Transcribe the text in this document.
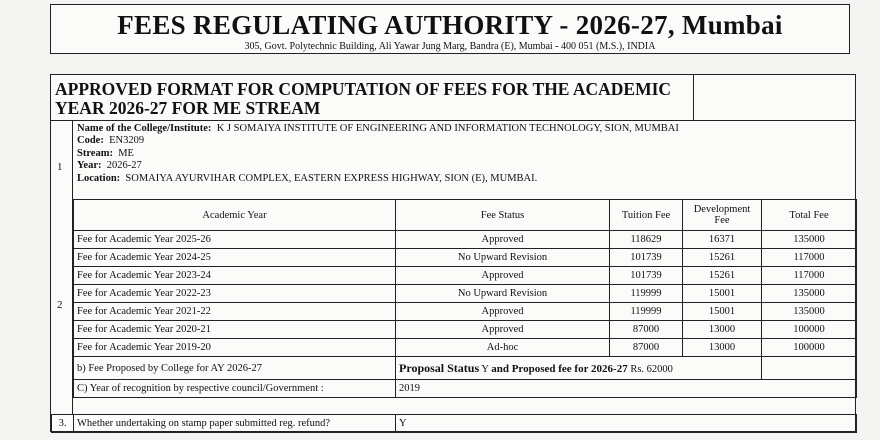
FEES REGULATING AUTHORITY - 2026-27, Mumbai
305, Govt. Polytechnic Building, Ali Yawar Jung Marg, Bandra (E), Mumbai - 400 051 (M.S.), INDIA
APPROVED FORMAT FOR COMPUTATION OF FEES FOR THE ACADEMIC YEAR 2026-27 FOR ME STREAM
1
2
Name of the College/Institute: K J SOMAIYA INSTITUTE OF ENGINEERING AND INFORMATION TECHNOLOGY, SION, MUMBAI
Code: EN3209
Stream: ME
Year: 2026-27
Location: SOMAIYA AYURVIHAR COMPLEX, EASTERN EXPRESS HIGHWAY, SION (E), MUMBAI.
Academic Year	Fee Status	Tuition Fee	Development Fee	Total Fee
Fee for Academic Year 2025-26	Approved	118629	16371	135000
Fee for Academic Year 2024-25	No Upward Revision	101739	15261	117000
Fee for Academic Year 2023-24	Approved	101739	15261	117000
Fee for Academic Year 2022-23	No Upward Revision	119999	15001	135000
Fee for Academic Year 2021-22	Approved	119999	15001	135000
Fee for Academic Year 2020-21	Approved	87000	13000	100000
Fee for Academic Year 2019-20	Ad-hoc	87000	13000	100000
b) Fee Proposed by College for AY 2026-27	Proposal Status Y and Proposed fee for 2026-27 Rs. 62000			
C) Year of recognition by respective council/Government :	2019			
3.	Whether undertaking on stamp paper submitted reg. refund?	Y
